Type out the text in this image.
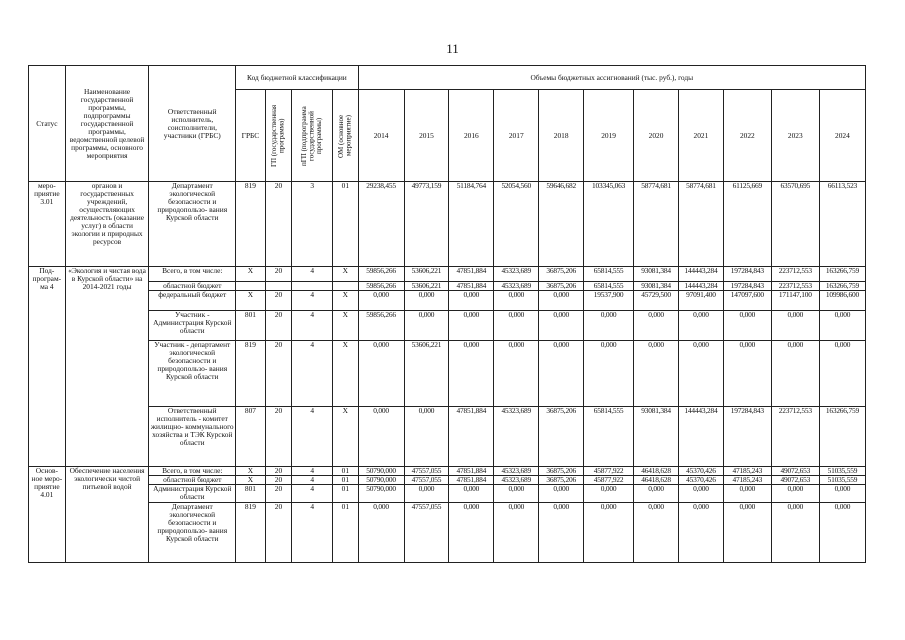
11
Статус	Наименование государственной программы, подпрограммы государственной программы, ведомственной целевой программы, основного мероприятия	Ответственный исполнитель, соисполнители, участники (ГРБС)	Код бюджетной классификации				Объемы бюджетных ассигнований (тыс. руб.), годы										
			ГРБС	ГП (государственная программа)	пГП (подпрограмма государственной программы)	ОМ (основное мероприятие)	2014	2015	2016	2017	2018	2019	2020	2021	2022	2023	2024
меро- приятие 3.01	органов и государственных учреждений, осуществляющих деятельность (оказание услуг) в области экологии и природных ресурсов	Департамент экологической безопасности и природопользо- вания Курской области	819	20	3	01	29238,455	49773,159	51184,764	52054,560	59646,682	103345,063	58774,681	58774,681	61125,669	63570,695	66113,523
Под- програм- ма 4	«Экология и чистая вода в Курской области» на 2014-2021 годы	Всего, в том числе:	X	20	4	X	59856,266	53606,221	47851,884	45323,689	36875,206	65814,555	93081,384	144443,284	197284,843	223712,553	163266,759
		областной бюджет					59856,266	53606,221	47851,884	45323,689	36875,206	65814,555	93081,384	144443,284	197284,843	223712,553	163266,759
		федеральный бюджет	X	20	4	X	0,000	0,000	0,000	0,000	0,000	19537,900	45729,500	97091,400	147097,600	171147,100	109986,600
		Участник - Администрация Курской области	801	20	4	X	59856,266	0,000	0,000	0,000	0,000	0,000	0,000	0,000	0,000	0,000	0,000
		Участник - департамент экологической безопасности и природопользо- вания Курской области	819	20	4	X	0,000	53606,221	0,000	0,000	0,000	0,000	0,000	0,000	0,000	0,000	0,000
		Ответственный исполнитель - комитет жилищно- коммунального хозяйства и ТЭК Курской области	807	20	4	X	0,000	0,000	47851,884	45323,689	36875,206	65814,555	93081,384	144443,284	197284,843	223712,553	163266,759
Основ- ное меро- приятие 4.01	Обеспечение населения экологически чистой питьевой водой	Всего, в том числе:	X	20	4	01	50790,000	47557,055	47851,884	45323,689	36875,206	45877,922	46418,628	45370,426	47185,243	49072,653	51035,559
		областной бюджет	X	20	4	01	50790,000	47557,055	47851,884	45323,689	36875,206	45877,922	46418,628	45370,426	47185,243	49072,653	51035,559
		Администрация Курской области	801	20	4	01	50790,000	0,000	0,000	0,000	0,000	0,000	0,000	0,000	0,000	0,000	0,000
		Департамент экологической безопасности и природопользо- вания Курской области	819	20	4	01	0,000	47557,055	0,000	0,000	0,000	0,000	0,000	0,000	0,000	0,000	0,000
